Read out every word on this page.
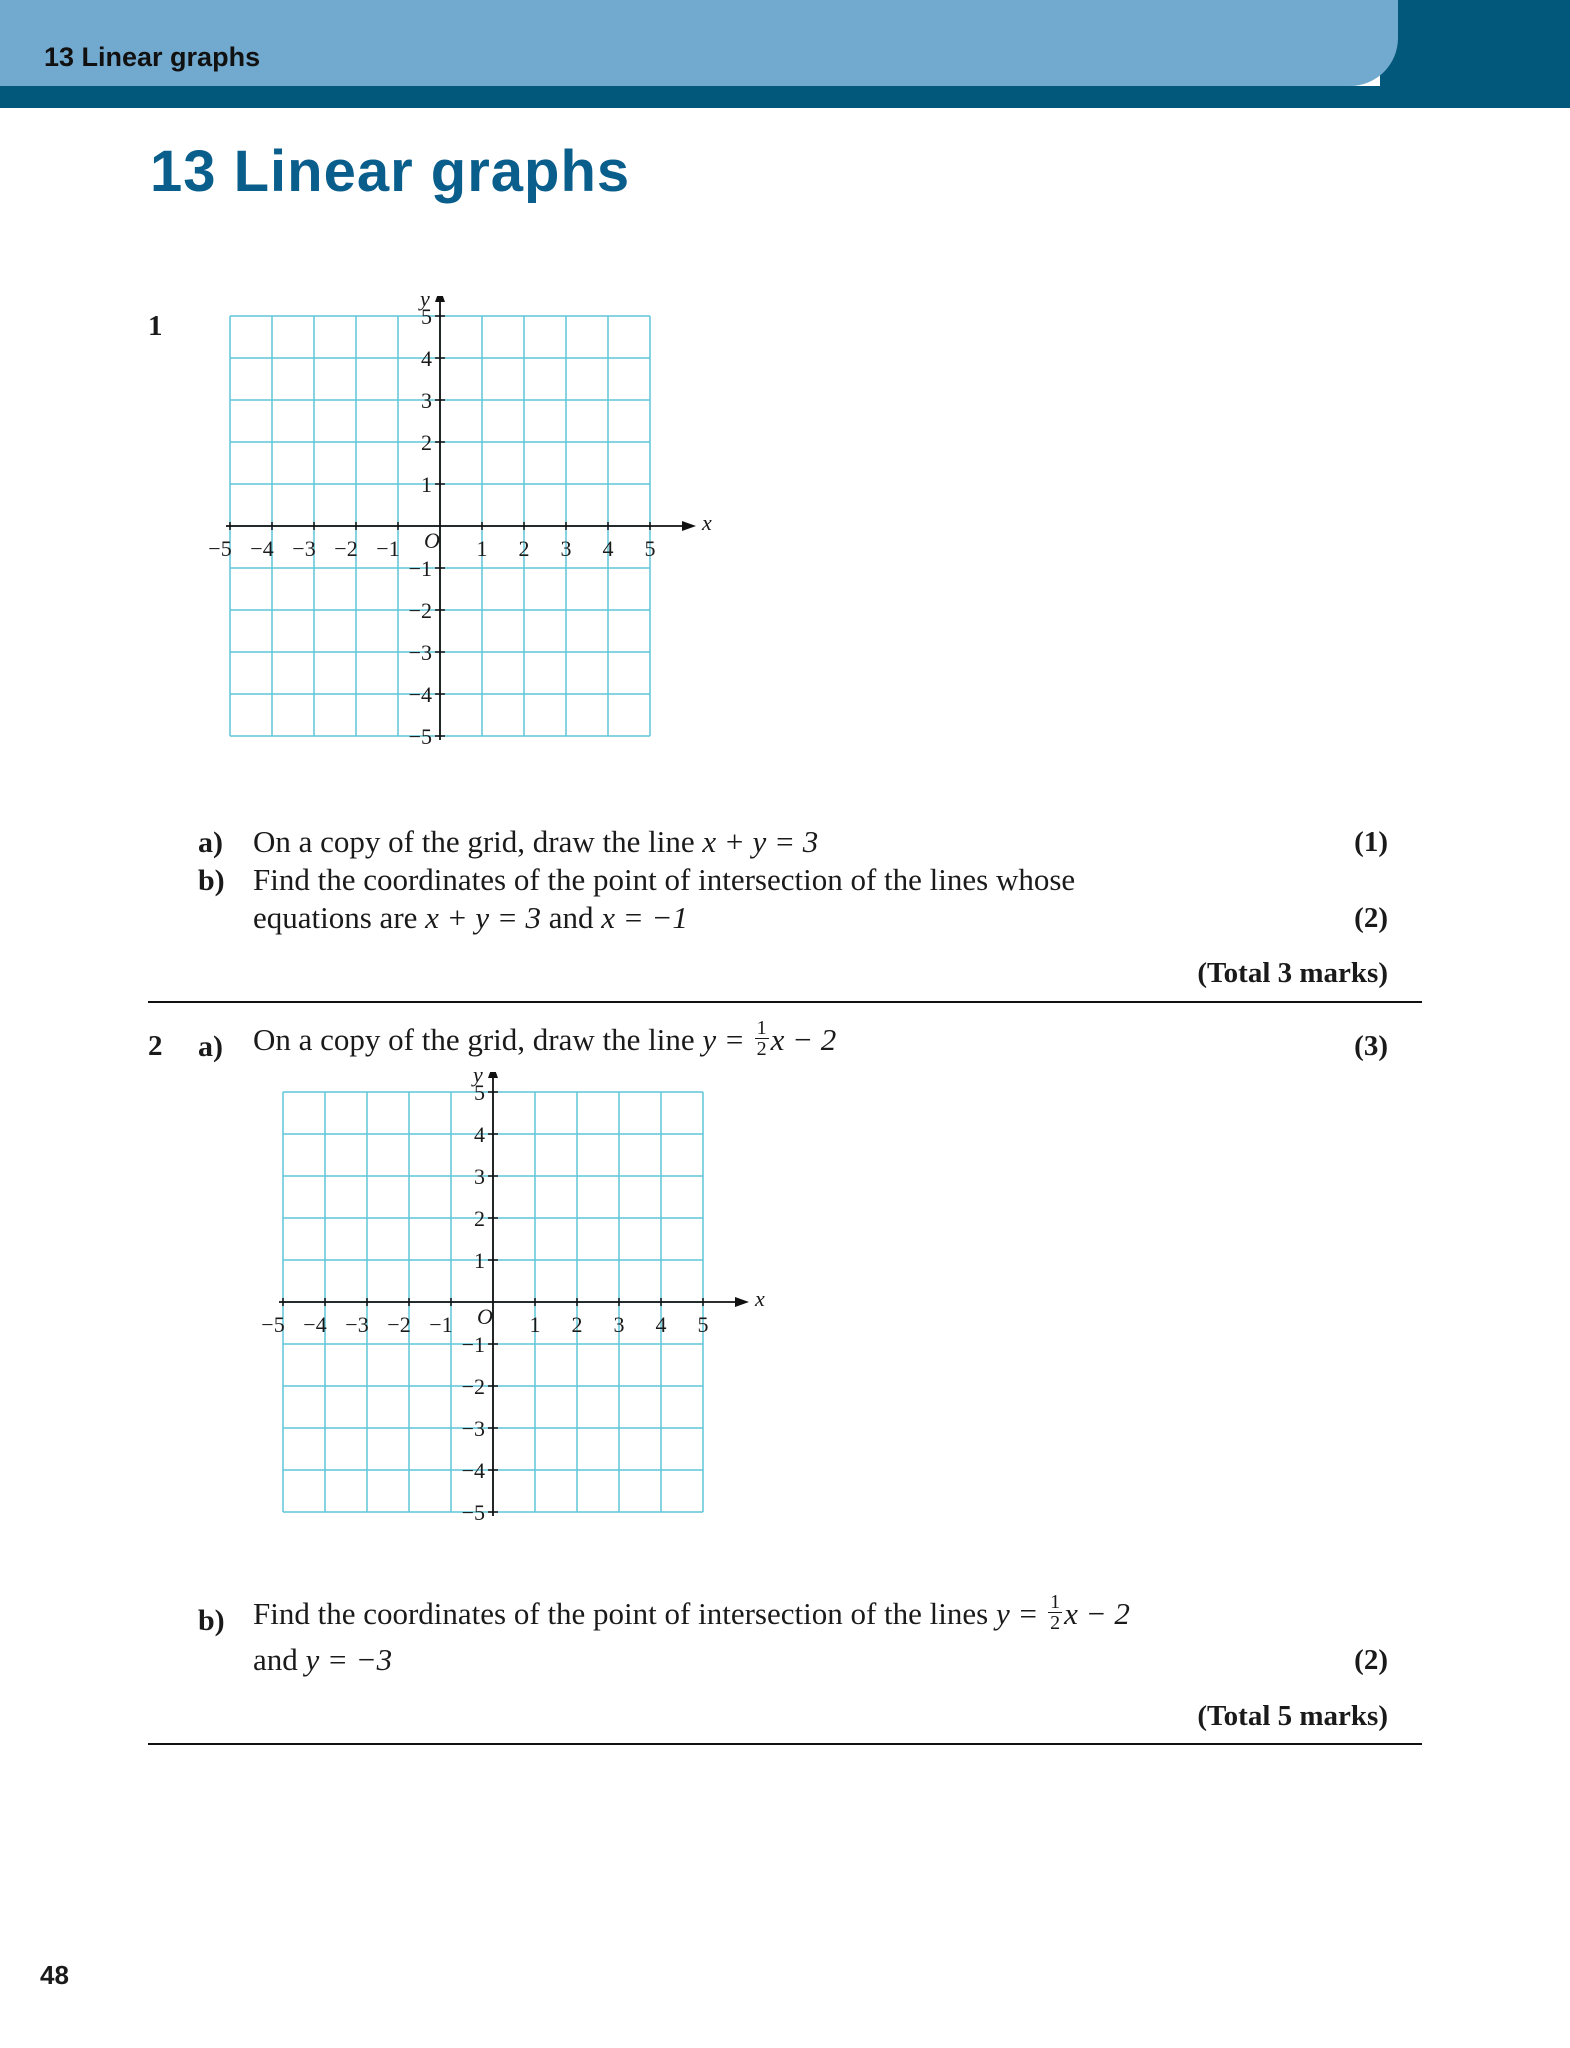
13 Linear graphs
13 Linear graphs
1
−5 −4 −3 −2 −1	1 2 3 4 5
5
4
3
2
1
−1
−2
−3
−4
−5
x
y
O
a) On a copy of the grid, draw the line x + y = 3	(1)
b) Find the coordinates of the point of intersection of the lines whose
equations are x + y = 3 and x = −1	(2)
(Total 3 marks)
2 a) On a copy of the grid, draw the line $y = \frac{1}{2}$ x − 2	(3)
−5 −4 −3 −2 −1	1 2 3 4 5
5
4
3
2
1
−1
−2
−3
−4
−5
x
y
O
b) Find the coordinates of the point of intersection of the lines $y = \frac{1}{2}$ x − 2
and y = −3	(2)
(Total 5 marks)
48
